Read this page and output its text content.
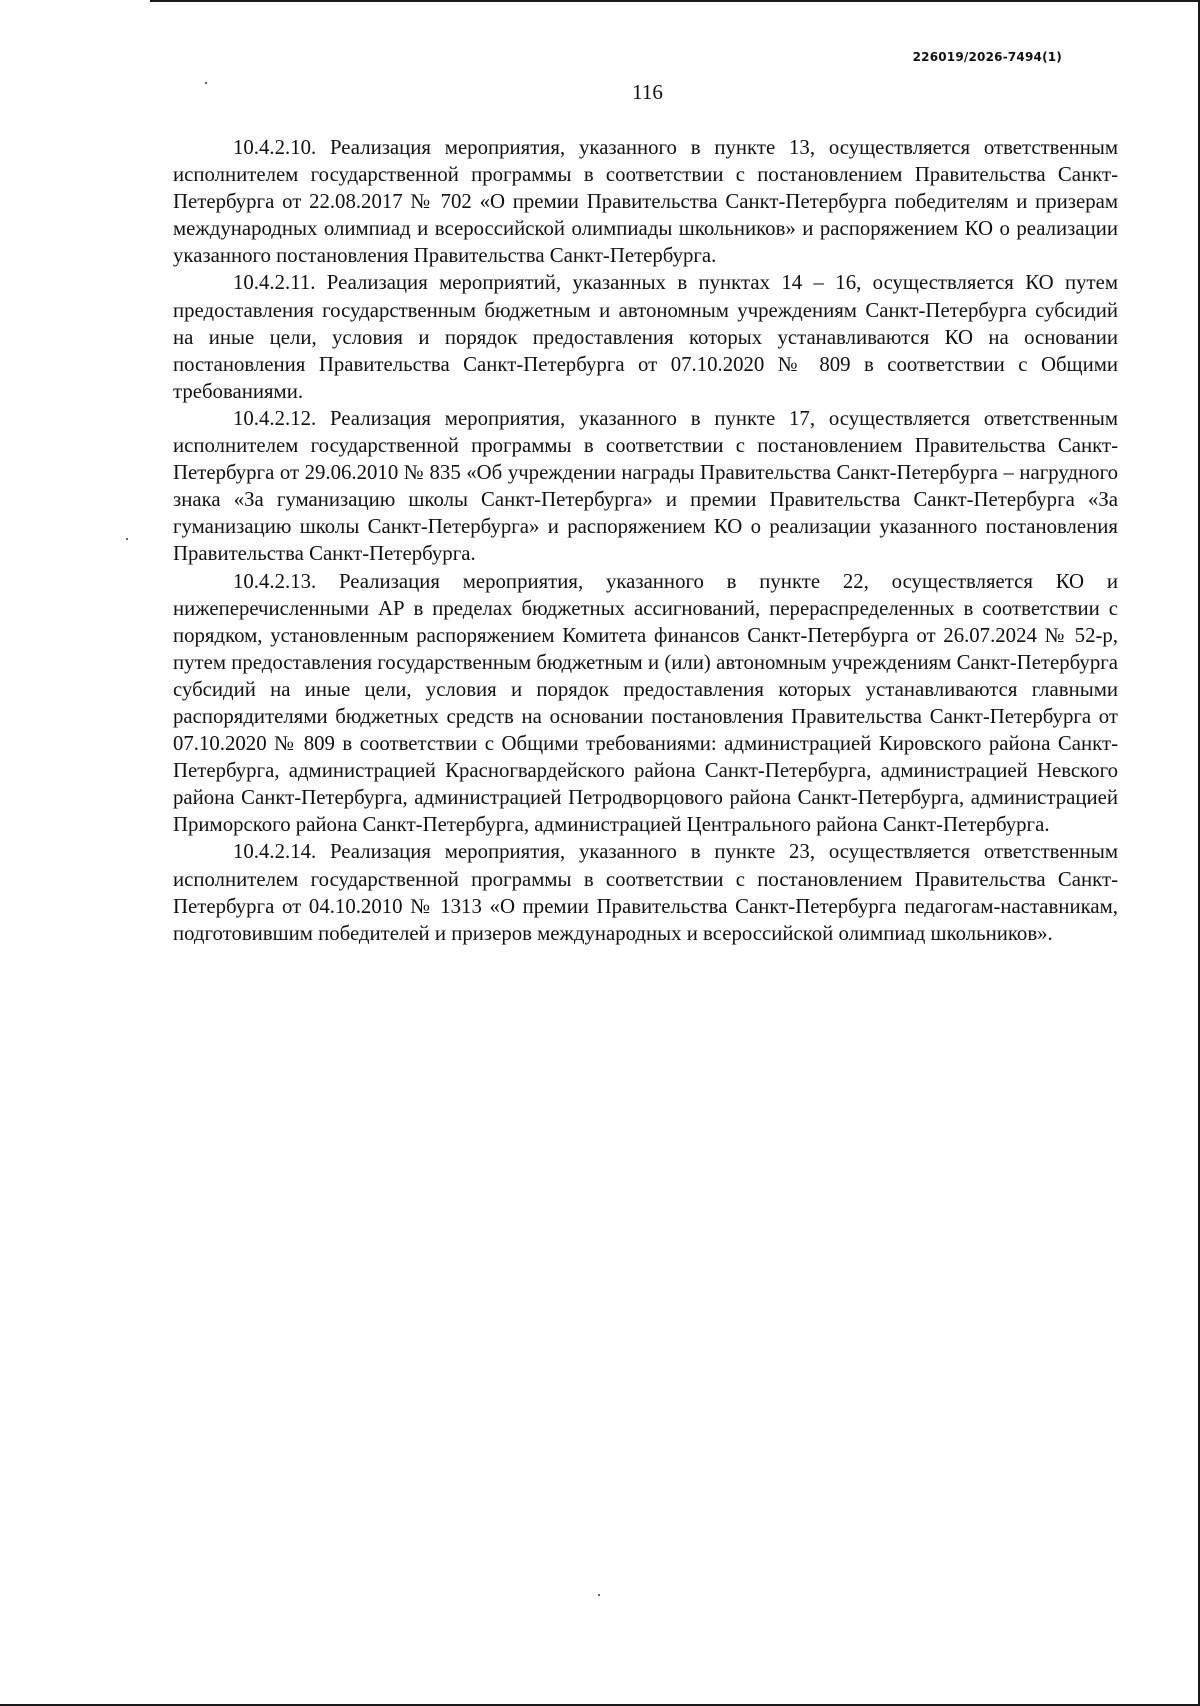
226019/2026-7494(1)
116

10.4.2.10. Реализация мероприятия, указанного в пункте 13, осуществляется ответственным исполнителем государственной программы в соответствии с постановлением Правительства Санкт-Петербурга от 22.08.2017 № 702 «О премии Правительства Санкт-Петербурга победителям и призерам международных олимпиад и всероссийской олимпиады школьников» и распоряжением КО о реализации указанного постановления Правительства Санкт-Петербурга.

10.4.2.11. Реализация мероприятий, указанных в пунктах 14 – 16, осуществляется КО путем предоставления государственным бюджетным и автономным учреждениям Санкт-Петербурга субсидий на иные цели, условия и порядок предоставления которых устанавливаются КО на основании постановления Правительства Санкт-Петербурга от 07.10.2020 № 809 в соответствии с Общими требованиями.

10.4.2.12. Реализация мероприятия, указанного в пункте 17, осуществляется ответственным исполнителем государственной программы в соответствии с постановлением Правительства Санкт-Петербурга от 29.06.2010 № 835 «Об учреждении награды Правительства Санкт-Петербурга – нагрудного знака «За гуманизацию школы Санкт-Петербурга» и премии Правительства Санкт-Петербурга «За гуманизацию школы Санкт-Петербурга» и распоряжением КО о реализации указанного постановления Правительства Санкт-Петербурга.

10.4.2.13. Реализация мероприятия, указанного в пункте 22, осуществляется КО и нижеперечисленными АР в пределах бюджетных ассигнований, перераспределенных в соответствии с порядком, установленным распоряжением Комитета финансов Санкт-Петербурга от 26.07.2024 № 52-р, путем предоставления государственным бюджетным и (или) автономным учреждениям Санкт-Петербурга субсидий на иные цели, условия и порядок предоставления которых устанавливаются главными распорядителями бюджетных средств на основании постановления Правительства Санкт-Петербурга от 07.10.2020 № 809 в соответствии с Общими требованиями: администрацией Кировского района Санкт-Петербурга, администрацией Красногвардейского района Санкт-Петербурга, администрацией Невского района Санкт-Петербурга, администрацией Петродворцового района Санкт-Петербурга, администрацией Приморского района Санкт-Петербурга, администрацией Центрального района Санкт-Петербурга.

10.4.2.14. Реализация мероприятия, указанного в пункте 23, осуществляется ответственным исполнителем государственной программы в соответствии с постановлением Правительства Санкт-Петербурга от 04.10.2010 № 1313 «О премии Правительства Санкт-Петербурга педагогам-наставникам, подготовившим победителей и призеров международных и всероссийской олимпиад школьников».
